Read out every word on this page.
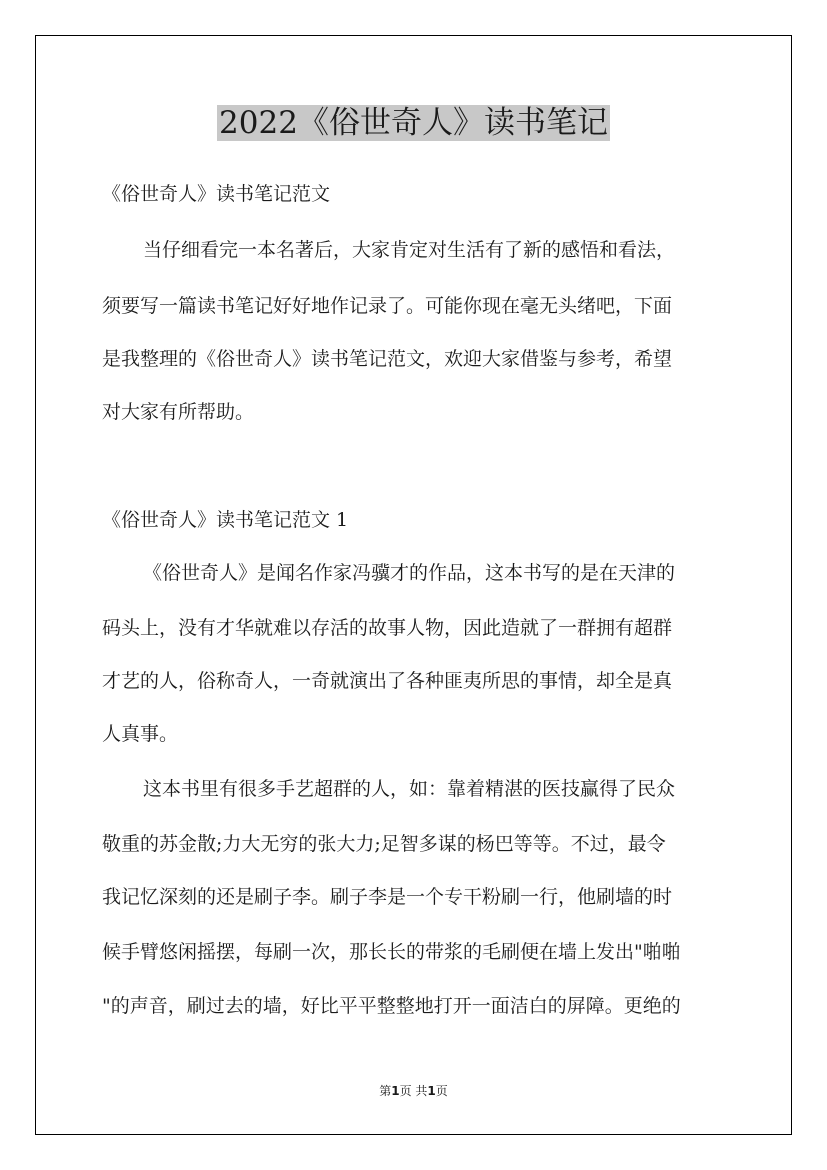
2022《俗世奇人》读书笔记
《俗世奇人》读书笔记范文
当仔细看完一本名著后，大家肯定对生活有了新的感悟和看法，
须要写一篇读书笔记好好地作记录了。可能你现在毫无头绪吧，下面
是我整理的《俗世奇人》读书笔记范文，欢迎大家借鉴与参考，希望
对大家有所帮助。
《俗世奇人》读书笔记范文 1
《俗世奇人》是闻名作家冯骥才的作品，这本书写的是在天津的
码头上，没有才华就难以存活的故事人物，因此造就了一群拥有超群
才艺的人，俗称奇人，一奇就演出了各种匪夷所思的事情，却全是真
人真事。
这本书里有很多手艺超群的人，如：靠着精湛的医技赢得了民众
敬重的苏金散;力大无穷的张大力;足智多谋的杨巴等等。不过，最令
我记忆深刻的还是刷子李。刷子李是一个专干粉刷一行，他刷墙的时
候手臂悠闲摇摆，每刷一次，那长长的带浆的毛刷便在墙上发出"啪啪
"的声音，刷过去的墙，好比平平整整地打开一面洁白的屏障。更绝的
第1页 共1页
